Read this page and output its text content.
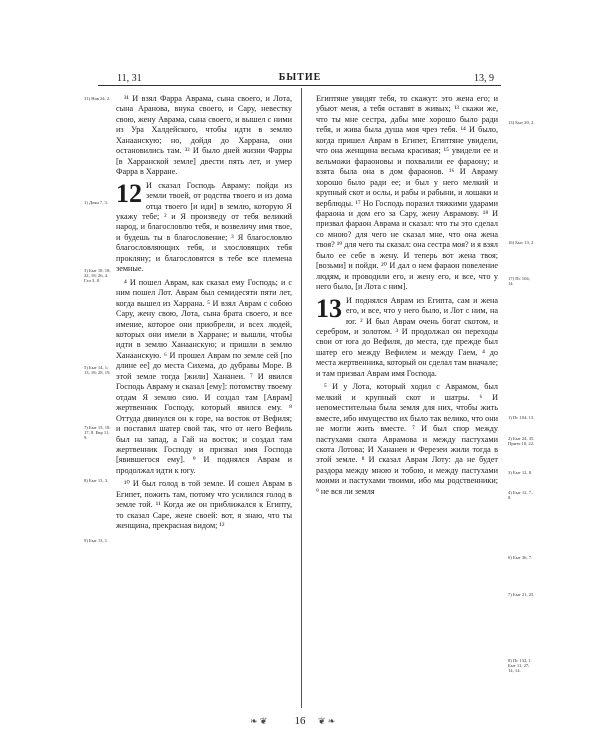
11, 31	БЫТИЕ	13, 9
31) Нав 24, 2.
1) Деян 7, 3.
3) Быт 18, 18; 22, 18; 26, 4. Гал 3, 8.
5) Быт 14, 1; 13, 18; 28, 19.
7) Быт 15, 18; 17, 8. Евр 11, 9.
8) Быт 13, 3.
9) Быт 13, 1.
13) Быт 20, 2.
16) Быт 13, 2.
17) Пс 104, 14.
1) Пс 104, 13.
2) Быт 24, 35. Притч 10, 22.
3) Быт 12, 8.
4) Быт 12, 7–8.
6) Быт 36, 7.
7) Быт 21, 25.
8) Пс 132, 1. Быт 11, 27; 14, 14.

³¹ И взял Фарра Аврама, сына своего, и Лота, сына Аранова, внука своего, и Сару, невестку свою, жену Аврама, сына своего, и вышел с ними из Ура Халдейского, чтобы идти в землю Ханаанскую; но, дойдя до Харрана, они остановились там. ³² И было дней жизни Фарры [в Харранской земле] двести пять лет, и умер Фарра в Харране.

12 И сказал Господь Авраму: пойди из земли твоей, от родства твоего и из дома отца твоего [и иди] в землю, которую Я укажу тебе; ² и Я произведу от тебя великий народ, и благословлю тебя, и возвеличу имя твое, и будешь ты в благословение; ³ Я благословлю благословляющих тебя, и злословящих тебя прокляну; и благословятся в тебе все племена земные.

⁴ И пошел Аврам, как сказал ему Господь; и с ним пошел Лот. Аврам был семидесяти пяти лет, когда вышел из Харрана. ⁵ И взял Аврам с собою Сару, жену свою, Лота, сына брата своего, и все имение, которое они приобрели, и всех людей, которых они имели в Харране; и вышли, чтобы идти в землю Ханаанскую; и пришли в землю Ханаанскую. ⁶ И прошел Аврам по земле сей [по длине ее] до места Сихема, до дубравы Море. В этой земле тогда [жили] Хананеи. ⁷ И явился Господь Авраму и сказал [ему]: потомству твоему отдам Я землю сию. И создал там [Аврам] жертвенник Господу, который явился ему. ⁸ Оттуда двинулся он к горе, на восток от Вефиля; и поставил шатер свой так, что от него Вефиль был на запад, а Гай на восток; и создал там жертвенник Господу и призвал имя Господа [явившегося ему]. ⁹ И поднялся Аврам и продолжал идти к югу.

¹⁰ И был голод в той земле. И сошел Аврам в Египет, пожить там, потому что усилился голод в земле той. ¹¹ Когда же он приближался к Египту, то сказал Саре, жене своей: вот, я знаю, что ты женщина, прекрасная видом; ¹²

Египтяне увидят тебя, то скажут: это жена его; и убьют меня, а тебя оставят в живых; ¹³ скажи же, что ты мне сестра, дабы мне хорошо было ради тебя, и жива была душа моя чрез тебя. ¹⁴ И было, когда пришел Аврам в Египет, Египтяне увидели, что она женщина весьма красивая; ¹⁵ увидели ее и вельможи фараоновы и похвалили ее фараону; и взята была она в дом фараонов. ¹⁶ И Авраму хорошо было ради ее; и был у него мелкий и крупный скот и ослы, и рабы и рабыни, и лошаки и верблюды. ¹⁷ Но Господь поразил тяжкими ударами фараона и дом его за Сару, жену Аврамову. ¹⁸ И призвал фараон Аврама и сказал: что ты это сделал со мною? для чего не сказал мне, что она жена твоя? ¹⁹ для чего ты сказал: она сестра моя? и я взял было ее себе в жену. И теперь вот жена твоя; [возьми] и пойди. ²⁰ И дал о нем фараон повеление людям, и проводили его, и жену его, и все, что у него было, [и Лота с ним].

13 И поднялся Аврам из Египта, сам и жена его, и все, что у него было, и Лот с ним, на юг. ² И был Аврам очень богат скотом, и серебром, и золотом. ³ И продолжал он переходы свои от юга до Вефиля, до места, где прежде был шатер его между Вефилем и между Гаем, ⁴ до места жертвенника, который он сделал там вначале; и там призвал Аврам имя Господа.

⁵ И у Лота, который ходил с Аврамом, был мелкий и крупный скот и шатры. ⁶ И непоместительна была земля для них, чтобы жить вместе, ибо имущество их было так велико, что они не могли жить вместе. ⁷ И был спор между пастухами скота Аврамова и между пастухами скота Лотова; И Хананеи и Ферезеи жили тогда в этой земле. ⁸ И сказал Аврам Лоту: да не будет раздора между мною и тобою, и между пастухами моими и пастухами твоими, ибо мы родственники; ⁹ не вся ли земля

❧ ❦	16	❦ ❧
